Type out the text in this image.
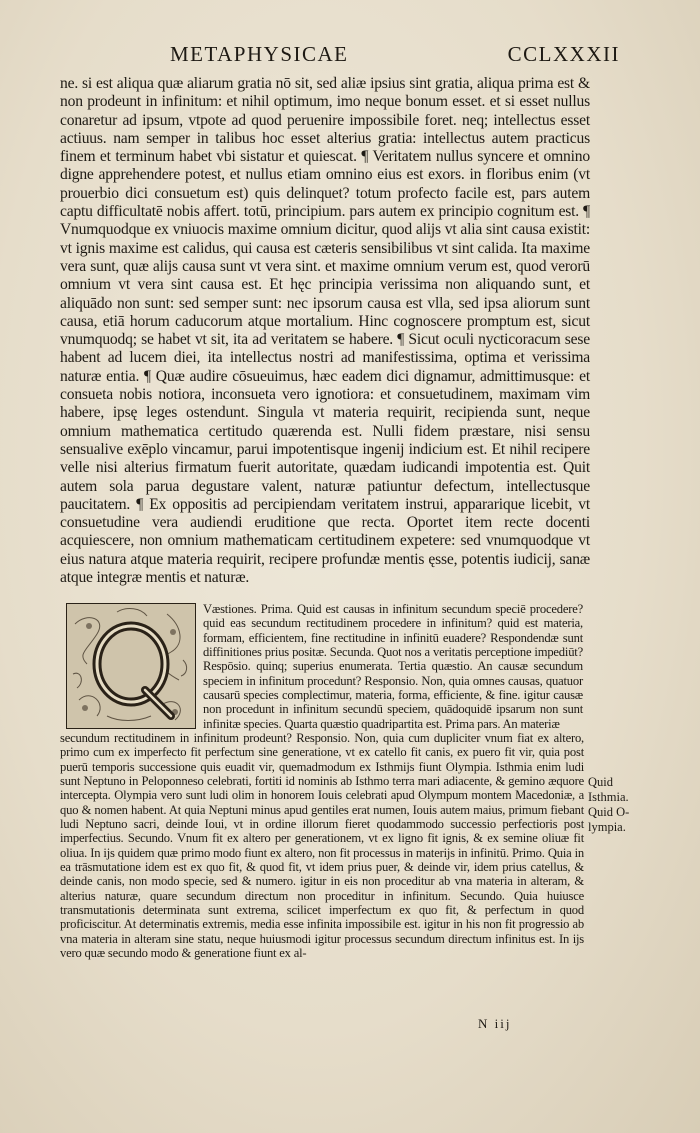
METAPHYSICAE	CCLXXXII

ne. si est aliqua quæ aliarum gratia nō sit, sed aliæ ipsius sint gratia, aliqua prima est & non prodeunt in infinitum: et nihil optimum, imo neque bonum esset. et si esset nullus conaretur ad ipsum, vtpote ad quod peruenire impossibile foret. neq; intellectus esset actiuus. nam semper in talibus hoc esset alterius gratia: intellectus autem practicus finem et terminum habet vbi sistatur et quiescat. ¶ Veritatem nullus syncere et omnino digne apprehendere potest, et nullus etiam omnino eius est exors. in floribus enim (vt prouerbio dici consuetum est) quis delinquet? totum profecto facile est, pars autem captu difficultatē nobis affert. totū, principium. pars autem ex principio cognitum est. ¶ Vnumquodque ex vniuocis maxime omnium dicitur, quod alijs vt alia sint causa existit: vt ignis maxime est calidus, qui causa est cæteris sensibilibus vt sint calida. Ita maxime vera sunt, quæ alijs causa sunt vt vera sint. et maxime omnium verum est, quod verorū omnium vt vera sint causa est. Et hęc principia verissima non aliquando sunt, et aliquādo non sunt: sed semper sunt: nec ipsorum causa est vlla, sed ipsa aliorum sunt causa, etiā horum caducorum atque mortalium. Hinc cognoscere promptum est, sicut vnumquodq; se habet vt sit, ita ad veritatem se habere. ¶ Sicut oculi nycticoracum sese habent ad lucem diei, ita intellectus nostri ad manifestissima, optima et verissima naturæ entia. ¶ Quæ audire cōsueuimus, hæc eadem dici dignamur, admittimusque: et consueta nobis notiora, inconsueta vero ignotiora: et consuetudinem, maximam vim habere, ipsę leges ostendunt. Singula vt materia requirit, recipienda sunt, neque omnium mathematica certitudo quærenda est. Nulli fidem præstare, nisi sensu sensualive exēplo vincamur, parui impotentisque ingenij indicium est. Et nihil recipere velle nisi alterius firmatum fuerit autoritate, quædam iudicandi impotentia est. Quit autem sola parua degustare valent, naturæ patiuntur defectum, intellectusque paucitatem. ¶ Ex oppositis ad percipiendam veritatem instrui, appararique licebit, vt consuetudine vera audiendi eruditione que recta. Oportet item recte docenti acquiescere, non omnium mathematicam certitudinem expetere: sed vnumquodque vt eius natura atque materia requirit, recipere profundæ mentis ęsse, potentis iudicij, sanæ atque integræ mentis et naturæ.

Væstiones. Prima. Quid est causas in infinitum secundum speciē procedere? quid eas secundum rectitudinem procedere in infinitum? quid est materia, formam, efficientem, fine rectitudine in infinitū euadere? Respondendæ sunt diffinitiones prius positæ. Secunda. Quot nos a veritatis perceptione impediūt? Respōsio. quinq; superius enumerata. Tertia quæstio. An causæ secundum speciem in infinitum procedunt? Responsio. Non, quia omnes causas, quatuor causarū species complectimur, materia, forma, efficiente, & fine. igitur causæ non procedunt in infinitum secundū speciem, quādoquidē ipsarum non sunt infinitæ species. Quarta quæstio quadripartita est. Prima pars. An materiæ

secundum rectitudinem in infinitum prodeunt? Responsio. Non, quia cum dupliciter vnum fiat ex altero, primo cum ex imperfecto fit perfectum sine generatione, vt ex catello fit canis, ex puero fit vir, quia post puerū temporis successione quis euadit vir, quemadmodum ex Isthmijs fiunt Olympia. Isthmia enim ludi sunt Neptuno in Peloponneso celebrati, fortiti id nominis ab Isthmo terra mari adiacente, & gemino æquore intercepta. Olympia vero sunt ludi olim in honorem Iouis celebrati apud Olympum montem Macedoniæ, a quo & nomen habent. At quia Neptuni minus apud gentiles erat numen, Iouis autem maius, primum fiebant ludi Neptuno sacri, deinde Ioui, vt in ordine illorum fieret quodammodo successio perfectioris post imperfectius. Secundo. Vnum fit ex altero per generationem, vt ex ligno fit ignis, & ex semine oliuæ fit oliua. In ijs quidem quæ primo modo fiunt ex altero, non fit processus in materijs in infinitū. Primo. Quia in ea trāsmutatione idem est ex quo fit, & quod fit, vt idem prius puer, & deinde vir, idem prius catellus, & deinde canis, non modo specie, sed & numero. igitur in eis non proceditur ab vna materia in alteram, & alterius naturæ, quare secundum directum non proceditur in infinitum. Secundo. Quia huiusce transmutationis determinata sunt extrema, scilicet imperfectum ex quo fit, & perfectum in quod proficiscitur. At determinatis extremis, media esse infinita impossibile est. igitur in his non fit progressio ab vna materia in alteram sine statu, neque huiusmodi igitur processus secundum directum infinitus est. In ijs vero quæ secundo modo & generatione fiunt ex al-

Quid
Isthmia.
Quid O-
lympia.
N iij
